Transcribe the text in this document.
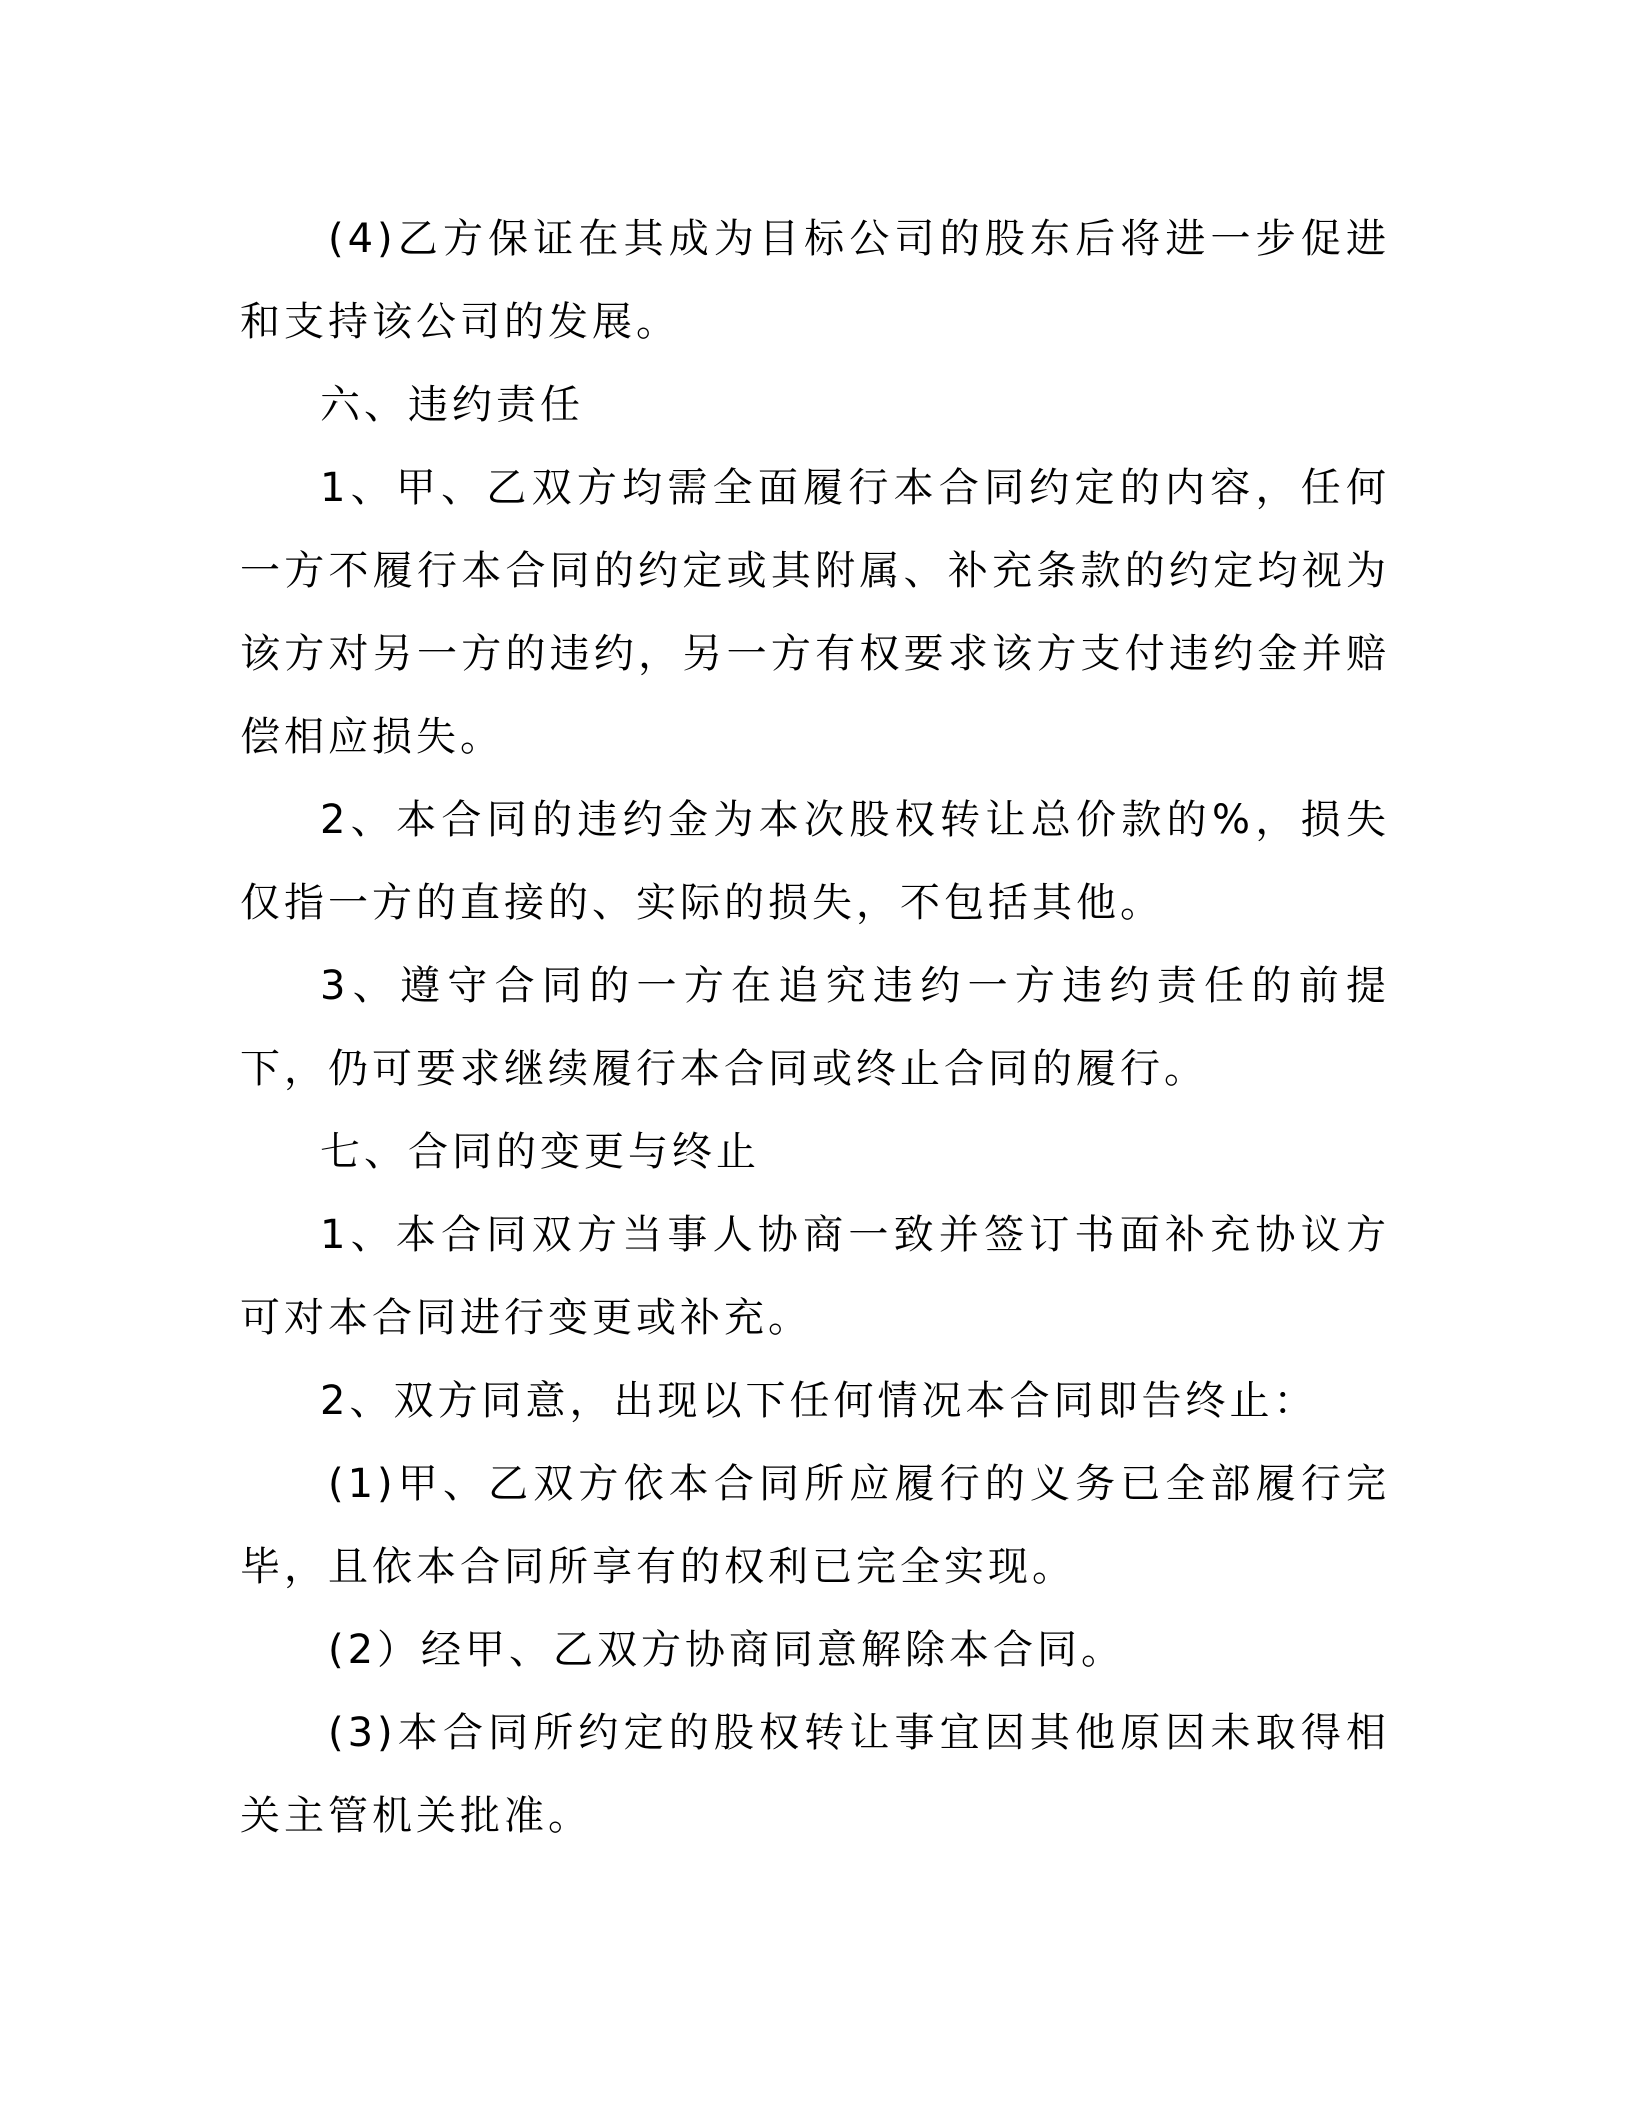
(4)乙方保证在其成为目标公司的股东后将进一步促进和支持该公司的发展。

六、违约责任

1、甲、乙双方均需全面履行本合同约定的内容，任何一方不履行本合同的约定或其附属、补充条款的约定均视为该方对另一方的违约，另一方有权要求该方支付违约金并赔偿相应损失。

2、本合同的违约金为本次股权转让总价款的%，损失仅指一方的直接的、实际的损失，不包括其他。

3、遵守合同的一方在追究违约一方违约责任的前提下，仍可要求继续履行本合同或终止合同的履行。

七、合同的变更与终止

1、本合同双方当事人协商一致并签订书面补充协议方可对本合同进行变更或补充。

2、双方同意，出现以下任何情况本合同即告终止：

(1)甲、乙双方依本合同所应履行的义务已全部履行完毕，且依本合同所享有的权利已完全实现。

(2）经甲、乙双方协商同意解除本合同。

(3)本合同所约定的股权转让事宜因其他原因未取得相关主管机关批准。
